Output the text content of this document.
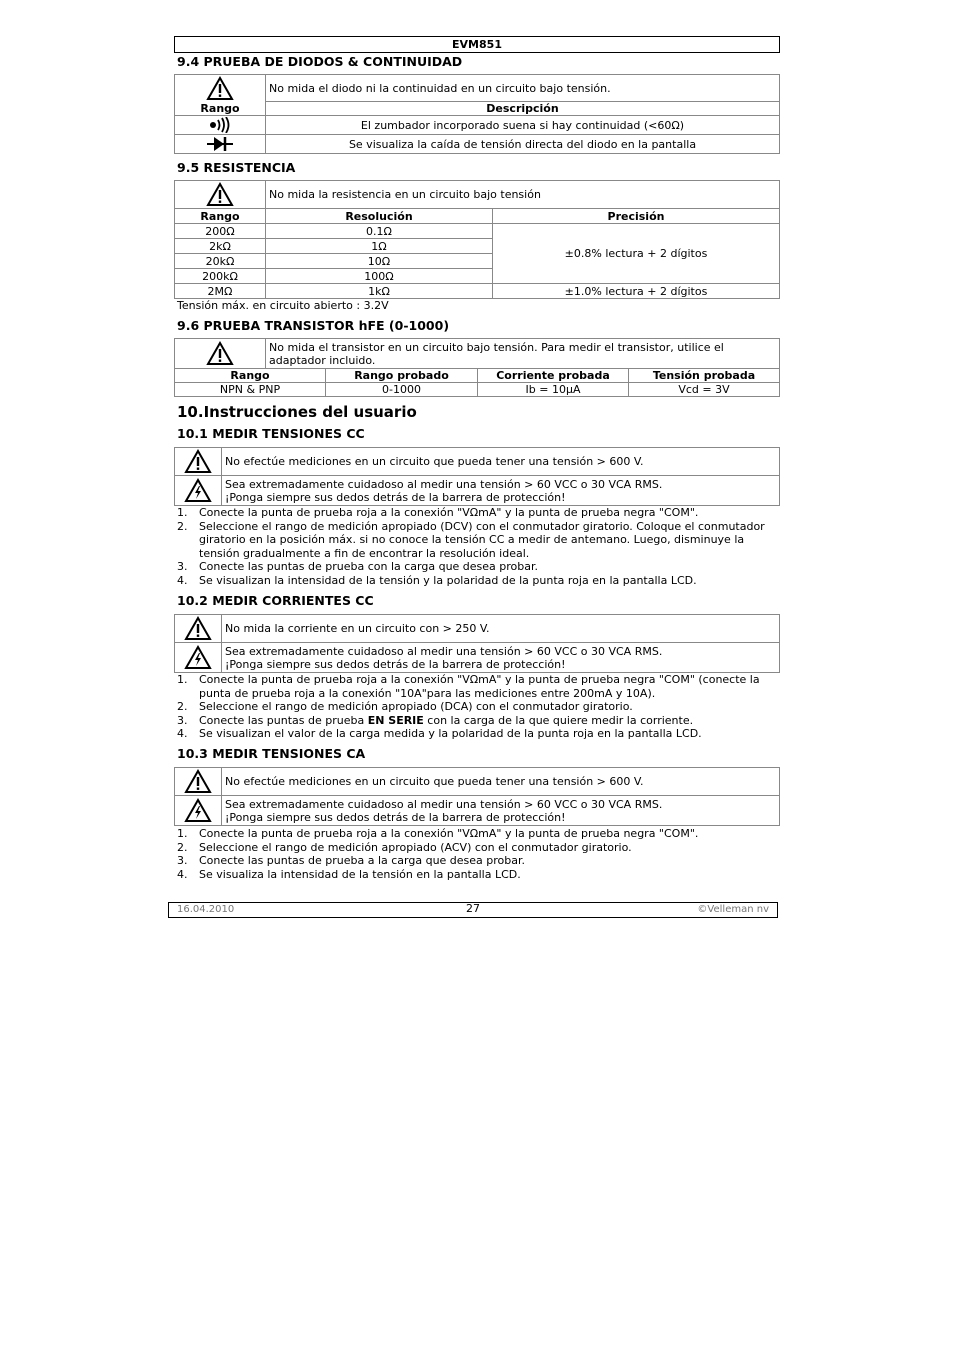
EVM851
9.4 PRUEBA DE DIODOS & CONTINUIDAD
	No mida el diodo ni la continuidad en un circuito bajo tensión.
Rango	Descripción

	El zumbador incorporado suena si hay continuidad (<60Ω)

	Se visualiza la caída de tensión directa del diodo en la pantalla
9.5 RESISTENCIA
	No mida la resistencia en un circuito bajo tensión	
Rango	Resolución	Precisión
200Ω	0.1Ω	±0.8% lectura + 2 dígitos
2kΩ	1Ω	
20kΩ	10Ω	
200kΩ	100Ω	
2MΩ	1kΩ	±1.0% lectura + 2 dígitos
Tensión máx. en circuito abierto : 3.2V
9.6 PRUEBA TRANSISTOR hFE (0-1000)
	No mida el transistor en un circuito bajo tensión. Para medir el transistor, utilice el adaptador incluido.
Rango	Rango probado	Corriente probada	Tensión probada
NPN & PNP	0-1000	Ib = 10μA	Vcd = 3V
10.Instrucciones del usuario
10.1 MEDIR TENSIONES CC
	No efectúe mediciones en un circuito que pueda tener una tensión > 600 V.

	Sea extremadamente cuidadoso al medir una tensión > 60 VCC o 30 VCA RMS.
¡Ponga siempre sus dedos detrás de la barrera de protección!
1. Conecte la punta de prueba roja a la conexión "VΩmA" y la punta de prueba negra "COM".
2. Seleccione el rango de medición apropiado (DCV) con el conmutador giratorio. Coloque el conmutador giratorio en la posición máx. si no conoce la tensión CC a medir de antemano. Luego, disminuye la tensión gradualmente a fin de encontrar la resolución ideal.
3. Conecte las puntas de prueba con la carga que desea probar.
4. Se visualizan la intensidad de la tensión y la polaridad de la punta roja en la pantalla LCD.
10.2 MEDIR CORRIENTES CC
	No mida la corriente en un circuito con > 250 V.

	Sea extremadamente cuidadoso al medir una tensión > 60 VCC o 30 VCA RMS.
¡Ponga siempre sus dedos detrás de la barrera de protección!
1. Conecte la punta de prueba roja a la conexión "VΩmA" y la punta de prueba negra "COM" (conecte la punta de prueba roja a la conexión "10A"para las mediciones entre 200mA y 10A).
2. Seleccione el rango de medición apropiado (DCA) con el conmutador giratorio.
3. Conecte las puntas de prueba EN SERIE con la carga de la que quiere medir la corriente.
4. Se visualizan el valor de la carga medida y la polaridad de la punta roja en la pantalla LCD.
10.3 MEDIR TENSIONES CA
	No efectúe mediciones en un circuito que pueda tener una tensión > 600 V.

	Sea extremadamente cuidadoso al medir una tensión > 60 VCC o 30 VCA RMS.
¡Ponga siempre sus dedos detrás de la barrera de protección!
1. Conecte la punta de prueba roja a la conexión "VΩmA" y la punta de prueba negra "COM".
2. Seleccione el rango de medición apropiado (ACV) con el conmutador giratorio.
3. Conecte las puntas de prueba a la carga que desea probar.
4. Se visualiza la intensidad de la tensión en la pantalla LCD.
16.04.2010	27	©Velleman nv
